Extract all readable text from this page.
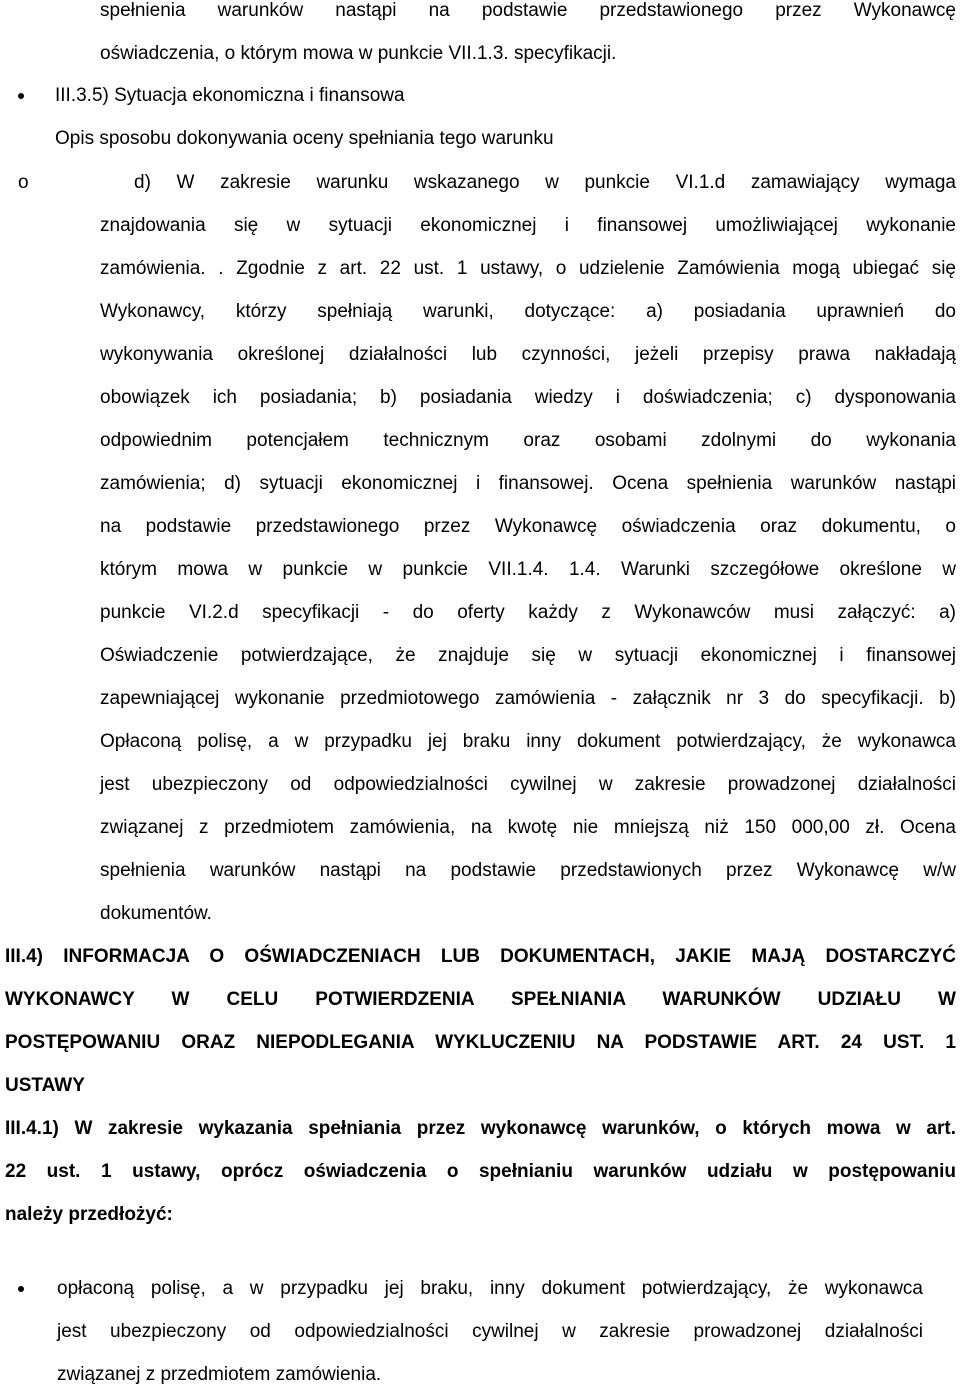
spełnienia warunków nastąpi na podstawie przedstawionego przez Wykonawcę
oświadczenia, o którym mowa w punkcie VII.1.3. specyfikacji.
III.3.5) Sytuacja ekonomiczna i finansowa
Opis sposobu dokonywania oceny spełniania tego warunku
o	d) W zakresie warunku wskazanego w punkcie VI.1.d zamawiający wymaga
znajdowania się w sytuacji ekonomicznej i finansowej umożliwiającej wykonanie
zamówienia. . Zgodnie z art. 22 ust. 1 ustawy, o udzielenie Zamówienia mogą ubiegać się
Wykonawcy, którzy spełniają warunki, dotyczące: a) posiadania uprawnień do
wykonywania określonej działalności lub czynności, jeżeli przepisy prawa nakładają
obowiązek ich posiadania; b) posiadania wiedzy i doświadczenia; c) dysponowania
odpowiednim potencjałem technicznym oraz osobami zdolnymi do wykonania
zamówienia; d) sytuacji ekonomicznej i finansowej. Ocena spełnienia warunków nastąpi
na podstawie przedstawionego przez Wykonawcę oświadczenia oraz dokumentu, o
którym mowa w punkcie w punkcie VII.1.4. 1.4. Warunki szczegółowe określone w
punkcie VI.2.d specyfikacji - do oferty każdy z Wykonawców musi załączyć: a)
Oświadczenie potwierdzające, że znajduje się w sytuacji ekonomicznej i finansowej
zapewniającej wykonanie przedmiotowego zamówienia - załącznik nr 3 do specyfikacji. b)
Opłaconą polisę, a w przypadku jej braku inny dokument potwierdzający, że wykonawca
jest ubezpieczony od odpowiedzialności cywilnej w zakresie prowadzonej działalności
związanej z przedmiotem zamówienia, na kwotę nie mniejszą niż 150 000,00 zł. Ocena
spełnienia warunków nastąpi na podstawie przedstawionych przez Wykonawcę w/w
dokumentów.
III.4) INFORMACJA O OŚWIADCZENIACH LUB DOKUMENTACH, JAKIE MAJĄ DOSTARCZYĆ
WYKONAWCY W CELU POTWIERDZENIA SPEŁNIANIA WARUNKÓW UDZIAŁU W
POSTĘPOWANIU ORAZ NIEPODLEGANIA WYKLUCZENIU NA PODSTAWIE ART. 24 UST. 1
USTAWY
III.4.1) W zakresie wykazania spełniania przez wykonawcę warunków, o których mowa w art.
22 ust. 1 ustawy, oprócz oświadczenia o spełnianiu warunków udziału w postępowaniu
należy przedłożyć:
opłaconą polisę, a w przypadku jej braku, inny dokument potwierdzający, że wykonawca
jest ubezpieczony od odpowiedzialności cywilnej w zakresie prowadzonej działalności
związanej z przedmiotem zamówienia.
